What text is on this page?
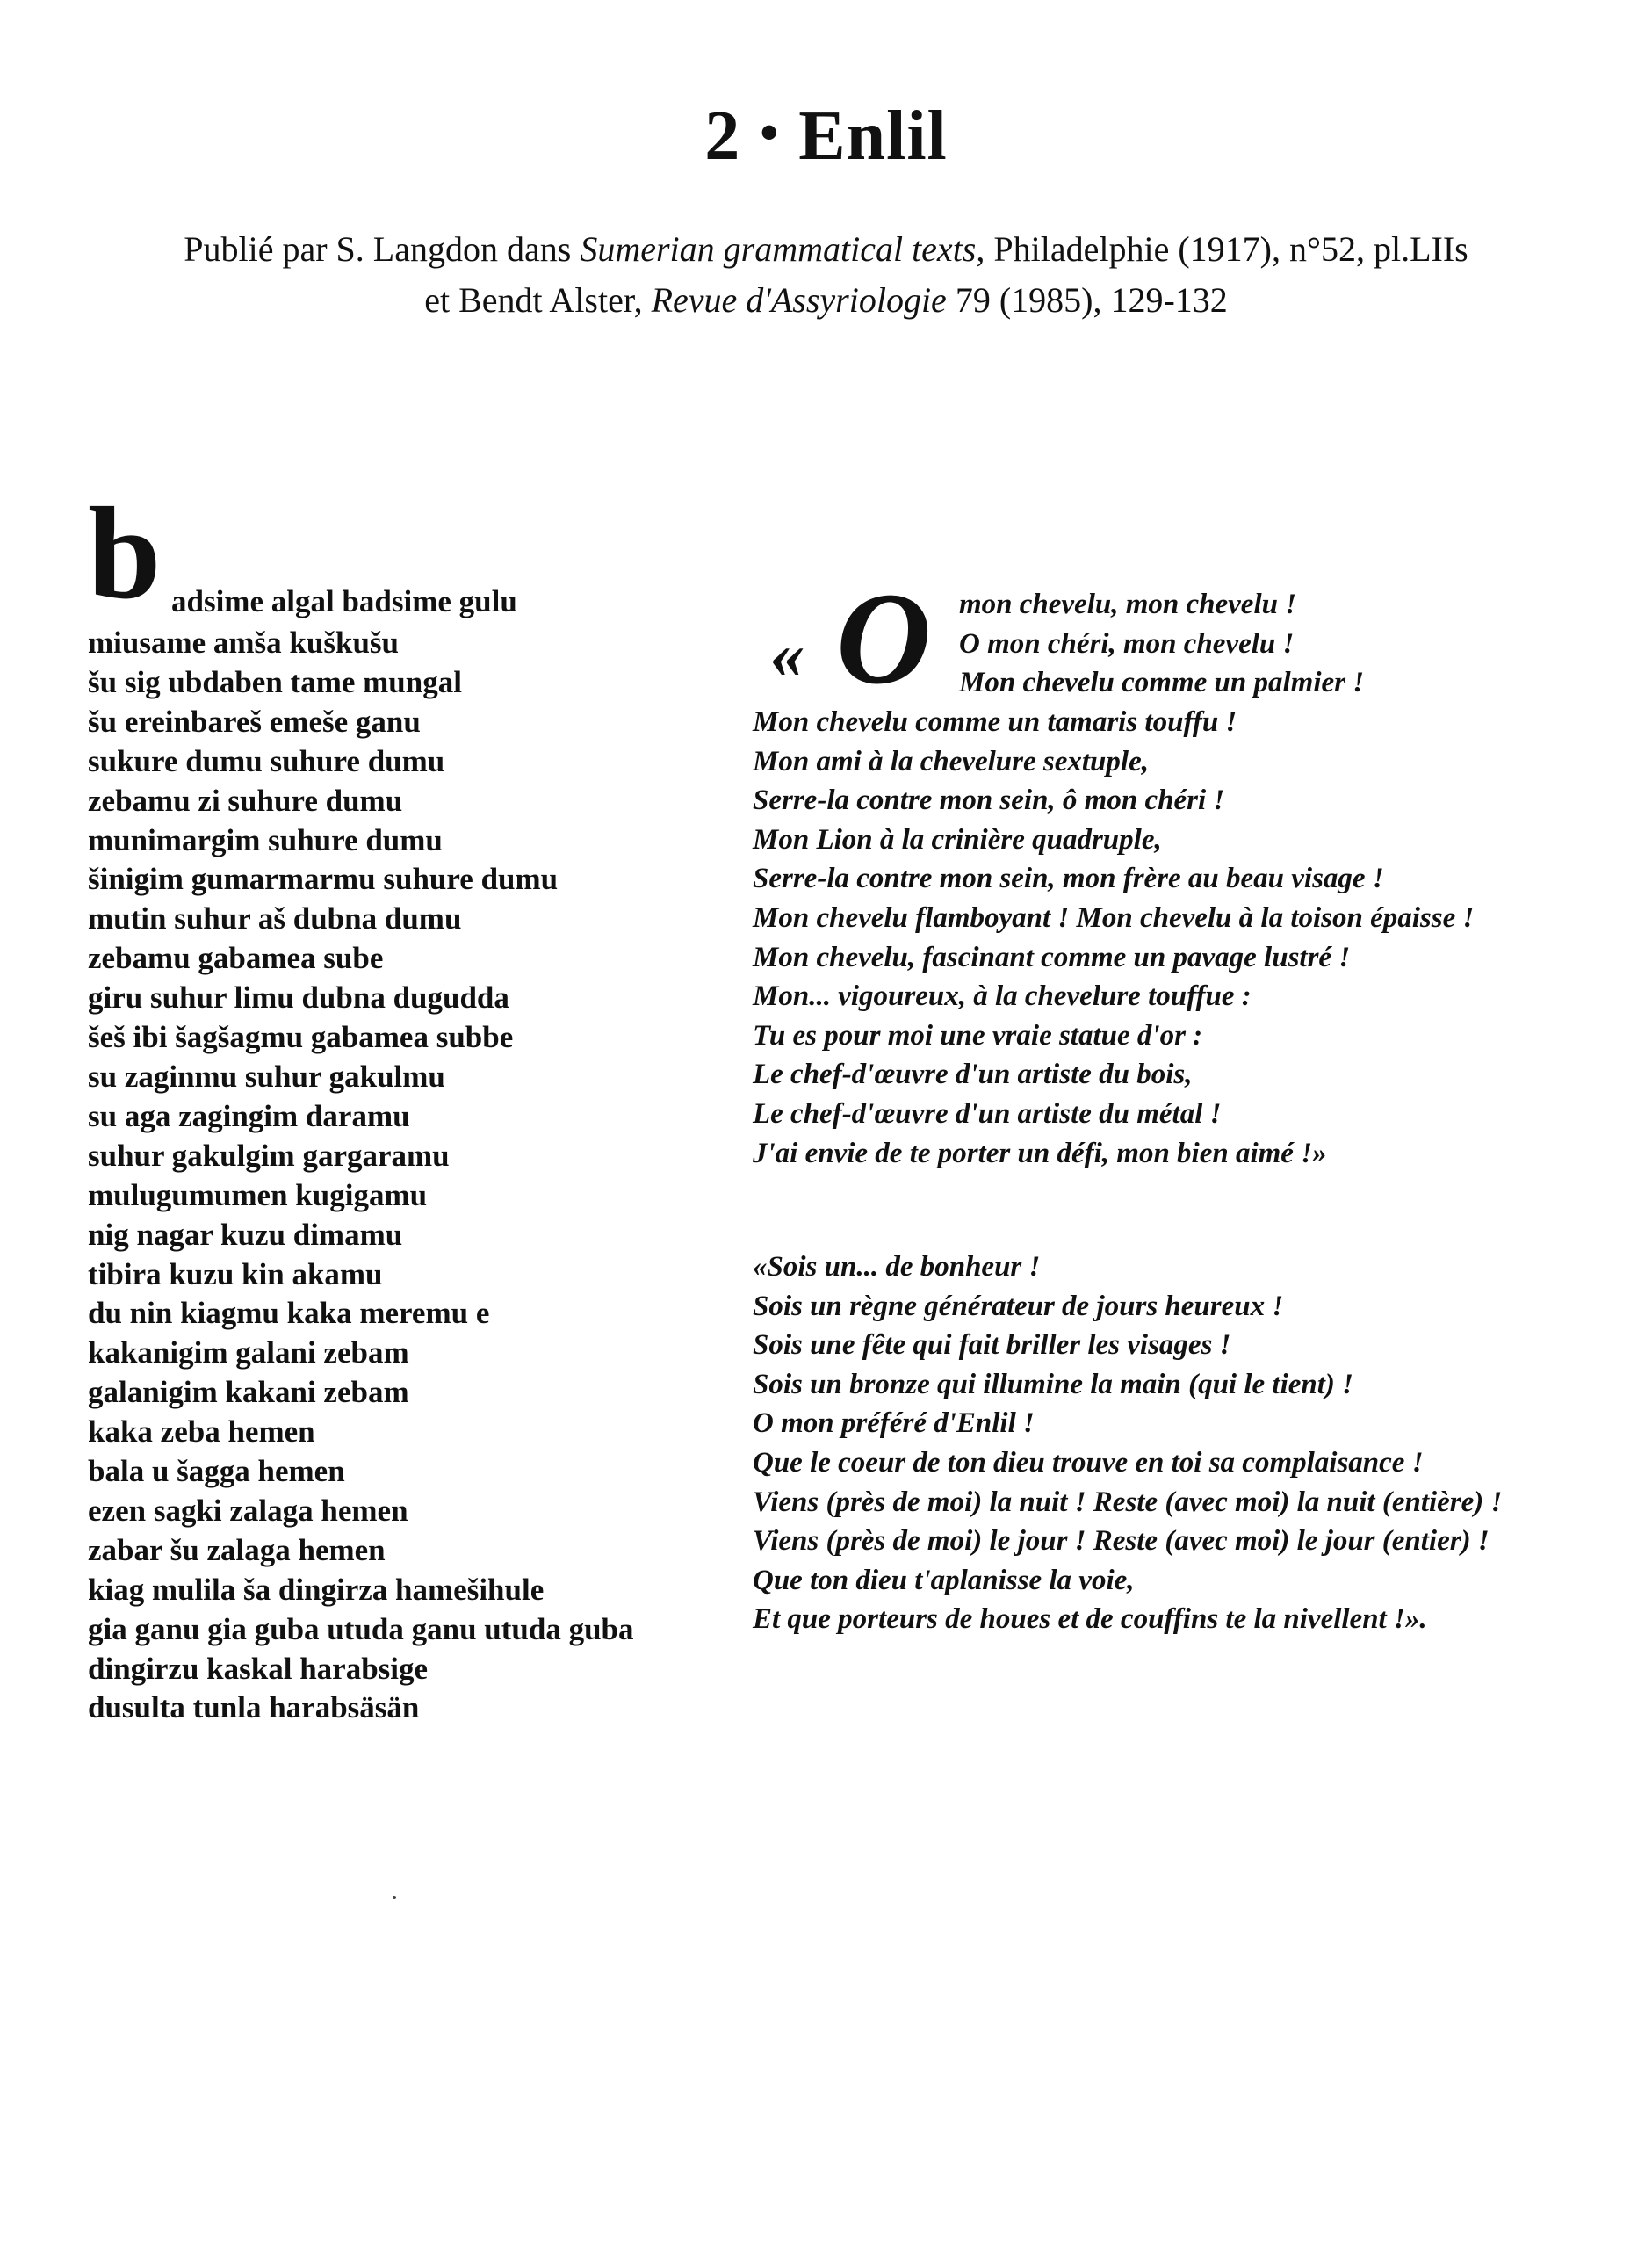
2 • Enlil
Publié par S. Langdon dans Sumerian grammatical texts, Philadelphie (1917), n°52, pl.LIIs
et Bendt Alster, Revue d'Assyriologie 79 (1985), 129-132
b adsime algal badsime gulu
miusame amša kuškušu
šu sig ubdaben tame mungal
šu ereinbareš emeše ganu
sukure dumu suhure dumu
zebamu zi suhure dumu
munimargim suhure dumu
šinigim gumarmarmu suhure dumu
mutin suhur aš dubna dumu
zebamu gabamea sube
giru suhur limu dubna dugudda
šeš ibi šagšagmu gabamea subbe
su zaginmu suhur gakulmu
su aga zagingim daramu
suhur gakulgim gargaramu
mulugumumen kugigamu
nig nagar kuzu dimamu
tibira kuzu kin akamu
du nin kiagmu kaka meremu e
kakanigim galani zebam
galanigim kakani zebam
kaka zeba hemen
bala u šagga hemen
ezen sagki zalaga hemen
zabar šu zalaga hemen
kiag mulila ša dingirza hamešihule
gia ganu gia guba utuda ganu utuda guba
dingirzu kaskal harabsige
dusulta tunla harabsäsän
« O mon chevelu, mon chevelu !
O mon chéri, mon chevelu !
Mon chevelu comme un palmier !
Mon chevelu comme un tamaris touffu !
Mon ami à la chevelure sextuple,
Serre-la contre mon sein, ô mon chéri !
Mon Lion à la crinière quadruple,
Serre-la contre mon sein, mon frère au beau visage !
Mon chevelu flamboyant ! Mon chevelu à la toison épaisse !
Mon chevelu, fascinant comme un pavage lustré !
Mon... vigoureux, à la chevelure touffue :
Tu es pour moi une vraie statue d'or :
Le chef-d'œuvre d'un artiste du bois,
Le chef-d'œuvre d'un artiste du métal !
J'ai envie de te porter un défi, mon bien aimé !»
«Sois un... de bonheur !
Sois un règne générateur de jours heureux !
Sois une fête qui fait briller les visages !
Sois un bronze qui illumine la main (qui le tient) !
O mon préféré d'Enlil !
Que le coeur de ton dieu trouve en toi sa complaisance !
Viens (près de moi) la nuit ! Reste (avec moi) la nuit (entière) !
Viens (près de moi) le jour ! Reste (avec moi) le jour (entier) !
Que ton dieu t'aplanisse la voie,
Et que porteurs de houes et de couffins te la nivellent !».
